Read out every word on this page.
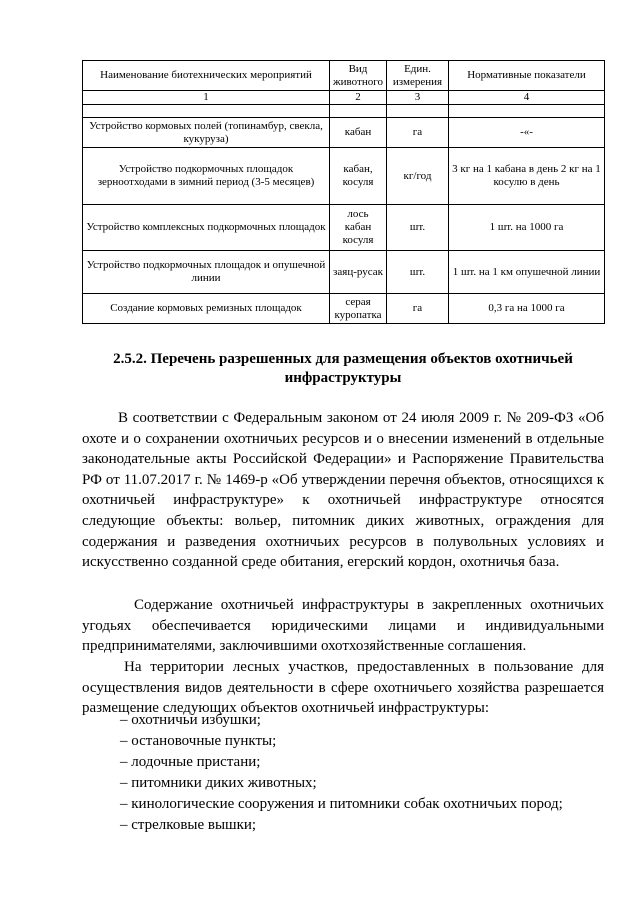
Наименование биотехнических мероприятий	Вид животного	Един. измерения	Нормативные показатели
1	2	3	4

Устройство кормовых полей (топинамбур, свекла, кукуруза)	кабан	га	-«-
Устройство подкормочных площадок зерноотходами в зимний период (3-5 месяцев)	кабан, косуля	кг/год	3 кг на 1 кабана в день 2 кг на 1 косулю в день
Устройство комплексных подкормочных площадок	лось кабан косуля	шт.	1 шт. на 1000 га
Устройство подкормочных площадок и опушечной линии	заяц-русак	шт.	1 шт. на 1 км опушечной линии
Создание кормовых ремизных площадок	серая куропатка	га	0,3 га на 1000 га
2.5.2. Перечень разрешенных для размещения объектов охотничьей инфраструктуры

В соответствии с Федеральным законом от 24 июля 2009 г. № 209-ФЗ «Об охоте и о сохранении охотничьих ресурсов и о внесении изменений в отдельные законодательные акты Российской Федерации» и Распоряжение Правительства РФ от 11.07.2017 г. № 1469-р «Об утверждении перечня объектов, относящихся к охотничьей инфраструктуре» к охотничьей инфраструктуре относятся следующие объекты: вольер, питомник диких животных, ограждения для содержания и разведения охотничьих ресурсов в полувольных условиях и искусственно созданной среде обитания, егерский кордон, охотничья база.

Содержание охотничьей инфраструктуры в закрепленных охотничьих угодьях обеспечивается юридическими лицами и индивидуальными предпринимателями, заключившими охотхозяйственные соглашения.

На территории лесных участков, предоставленных в пользование для осуществления видов деятельности в сфере охотничьего хозяйства разрешается размещение следующих объектов охотничьей инфраструктуры:

– охотничьи избушки;
– остановочные пункты;
– лодочные пристани;
– питомники диких животных;
– кинологические сооружения и питомники собак охотничьих пород;
– стрелковые вышки;
